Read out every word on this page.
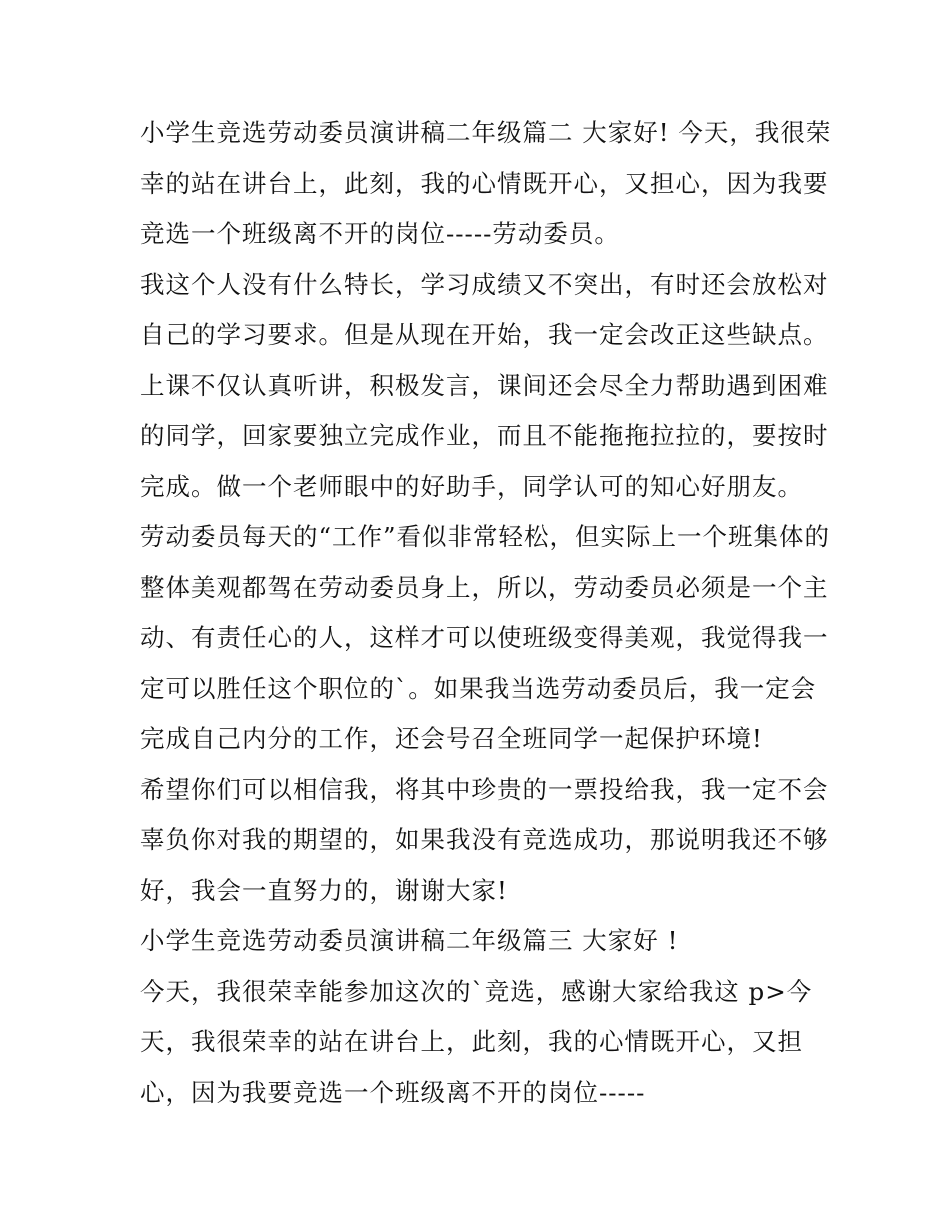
小学生竞选劳动委员演讲稿二年级篇二 大家好! 今天，我很荣
幸的站在讲台上，此刻，我的心情既开心，又担心，因为我要
竞选一个班级离不开的岗位-----劳动委员。
我这个人没有什么特长，学习成绩又不突出，有时还会放松对
自己的学习要求。但是从现在开始，我一定会改正这些缺点。
上课不仅认真听讲，积极发言，课间还会尽全力帮助遇到困难
的同学，回家要独立完成作业，而且不能拖拖拉拉的，要按时
完成。做一个老师眼中的好助手，同学认可的知心好朋友。
劳动委员每天的“工作”看似非常轻松，但实际上一个班集体的
整体美观都驾在劳动委员身上，所以，劳动委员必须是一个主
动、有责任心的人，这样才可以使班级变得美观，我觉得我一
定可以胜任这个职位的`。如果我当选劳动委员后，我一定会
完成自己内分的工作，还会号召全班同学一起保护环境!
希望你们可以相信我，将其中珍贵的一票投给我，我一定不会
辜负你对我的期望的，如果我没有竞选成功，那说明我还不够
好，我会一直努力的，谢谢大家!
小学生竞选劳动委员演讲稿二年级篇三 大家好 !
今天，我很荣幸能参加这次的`竞选，感谢大家给我这 p>今
天，我很荣幸的站在讲台上，此刻，我的心情既开心，又担
心，因为我要竞选一个班级离不开的岗位-----
